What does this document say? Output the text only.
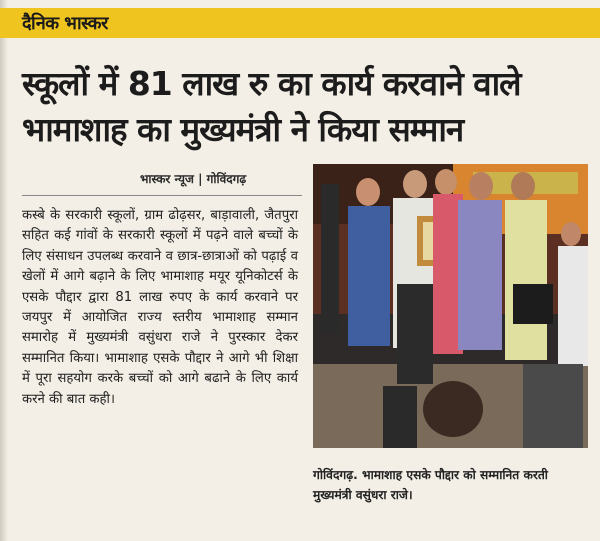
दैनिक भास्कर
स्कूलों में 81 लाख रु का कार्य करवाने वाले
भामाशाह का मुख्यमंत्री ने किया सम्मान
भास्कर न्यूज | गोविंदगढ़

कस्बे के सरकारी स्कूलों, ग्राम ढोढ़सर, बाड़ावाली, जैतपुरा सहित कई गांवों के सरकारी स्कूलों में पढ़ने वाले बच्चों के लिए संसाधन उपलब्ध करवाने व छात्र-छात्राओं को पढ़ाई व खेलों में आगे बढ़ाने के लिए भामाशाह मयूर यूनिकोटर्स के एसके पौद्दार द्वारा 81 लाख रुपए के कार्य करवाने पर जयपुर में आयोजित राज्य स्तरीय भामाशाह सम्मान समारोह में मुख्यमंत्री वसुंधरा राजे ने पुरस्कार देकर सम्मानित किया। भामाशाह एसके पौद्दार ने आगे भी शिक्षा में पूरा सहयोग करके बच्चों को आगे बढाने के लिए कार्य करने की बात कही।

गोविंदगढ़. भामाशाह एसके पौद्दार को सम्मानित करती मुख्यमंत्री वसुंधरा राजे।
